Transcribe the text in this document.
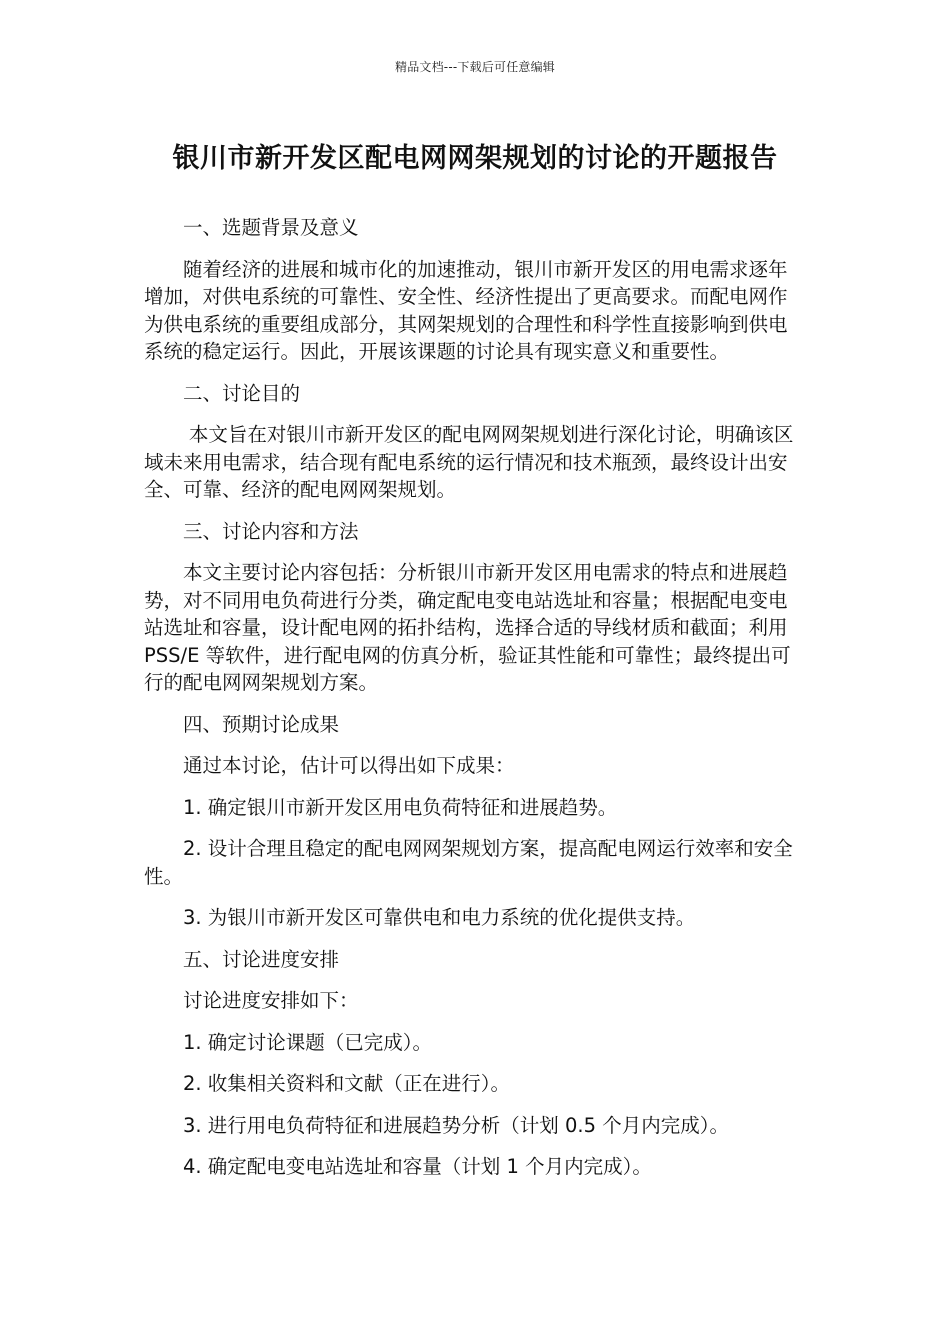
精品文档---下载后可任意编辑
银川市新开发区配电网网架规划的讨论的开题报告

一、选题背景及意义

随着经济的进展和城市化的加速推动，银川市新开发区的用电需求逐年增加，对供电系统的可靠性、安全性、经济性提出了更高要求。而配电网作为供电系统的重要组成部分，其网架规划的合理性和科学性直接影响到供电系统的稳定运行。因此，开展该课题的讨论具有现实意义和重要性。

二、讨论目的

本文旨在对银川市新开发区的配电网网架规划进行深化讨论，明确该区域未来用电需求，结合现有配电系统的运行情况和技术瓶颈，最终设计出安全、可靠、经济的配电网网架规划。

三、讨论内容和方法

本文主要讨论内容包括：分析银川市新开发区用电需求的特点和进展趋势，对不同用电负荷进行分类，确定配电变电站选址和容量；根据配电变电站选址和容量，设计配电网的拓扑结构，选择合适的导线材质和截面；利用 PSS/E 等软件，进行配电网的仿真分析，验证其性能和可靠性；最终提出可行的配电网网架规划方案。

四、预期讨论成果

通过本讨论，估计可以得出如下成果：

1. 确定银川市新开发区用电负荷特征和进展趋势。

2. 设计合理且稳定的配电网网架规划方案，提高配电网运行效率和安全性。

3. 为银川市新开发区可靠供电和电力系统的优化提供支持。

五、讨论进度安排

讨论进度安排如下：

1. 确定讨论课题（已完成）。

2. 收集相关资料和文献（正在进行）。

3. 进行用电负荷特征和进展趋势分析（计划 0.5 个月内完成）。

4. 确定配电变电站选址和容量（计划 1 个月内完成）。
